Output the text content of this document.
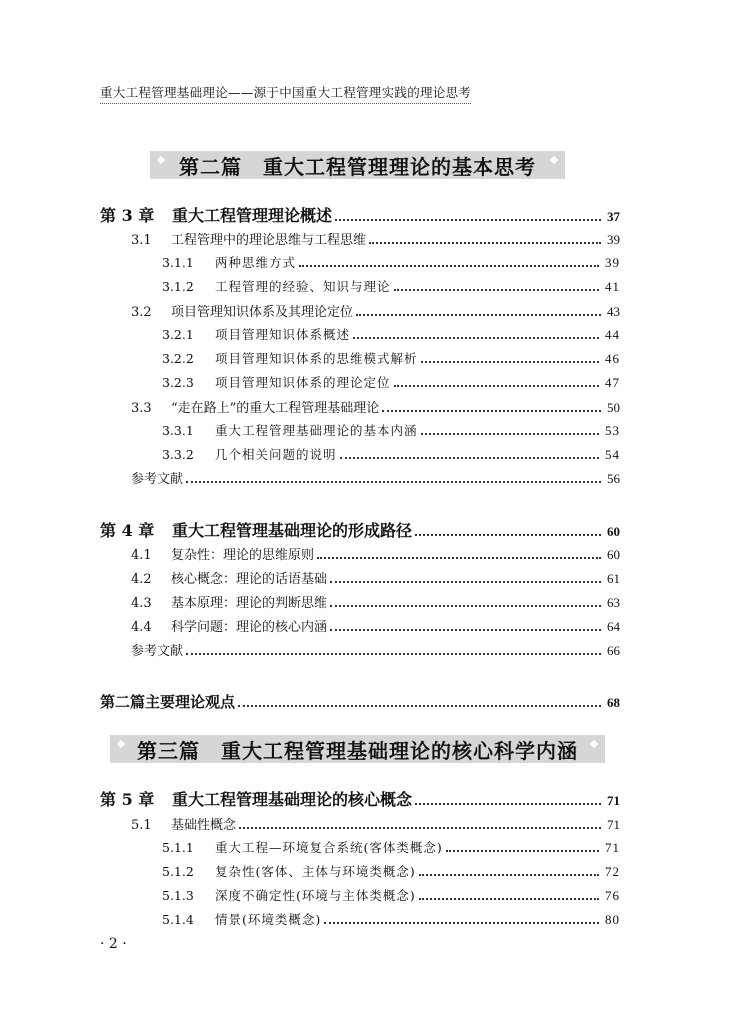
重大工程管理基础理论——源于中国重大工程管理实践的理论思考
第二篇　重大工程管理理论的基本思考
第三篇　重大工程管理基础理论的核心科学内涵
第 3 章	重大工程管理理论概述	37
3.1	工程管理中的理论思维与工程思维	39
3.1.1	两种思维方式	39
3.1.2	工程管理的经验、知识与理论	41
3.2	项目管理知识体系及其理论定位	43
3.2.1	项目管理知识体系概述	44
3.2.2	项目管理知识体系的思维模式解析	46
3.2.3	项目管理知识体系的理论定位	47
3.3	“走在路上”的重大工程管理基础理论	50
3.3.1	重大工程管理基础理论的基本内涵	53
3.3.2	几个相关问题的说明	54
参考文献	56
第 4 章	重大工程管理基础理论的形成路径	60
4.1	复杂性：理论的思维原则	60
4.2	核心概念：理论的话语基础	61
4.3	基本原理：理论的判断思维	63
4.4	科学问题：理论的核心内涵	64
参考文献	66
第二篇主要理论观点	68
第 5 章	重大工程管理基础理论的核心概念	71
5.1	基础性概念	71
5.1.1	重大工程—环境复合系统(客体类概念)	71
5.1.2	复杂性(客体、主体与环境类概念)	72
5.1.3	深度不确定性(环境与主体类概念)	76
5.1.4	情景(环境类概念)	80
· 2 ·
